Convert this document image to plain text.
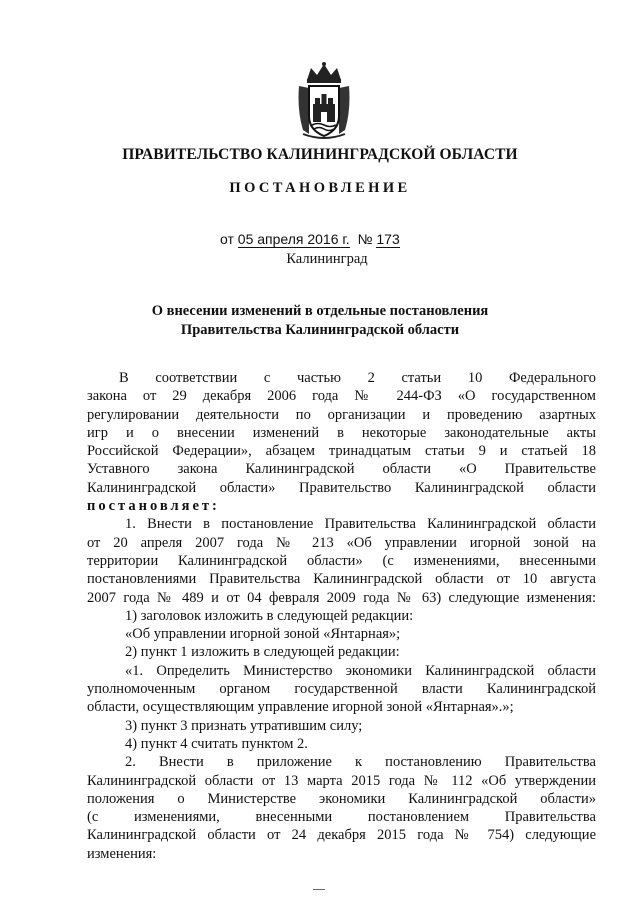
ПРАВИТЕЛЬСТВО КАЛИНИНГРАДСКОЙ ОБЛАСТИ
ПОСТАНОВЛЕНИЕ
от 05 апреля 2016 г. № 173
Калининград
О внесении изменений в отдельные постановления
Правительства Калининградской области

В соответствии с частью 2 статьи 10 Федерального

закона от 29 декабря 2006 года № 244-ФЗ «О государственном

регулировании деятельности по организации и проведению азартных

игр и о внесении изменений в некоторые законодательные акты

Российской Федерации», абзацем тринадцатым статьи 9 и статьей 18

Уставного закона Калининградской области «О Правительстве

Калининградской области» Правительство Калининградской области

постановляет:

1. Внести в постановление Правительства Калининградской области

от 20 апреля 2007 года № 213 «Об управлении игорной зоной на

территории Калининградской области» (с изменениями, внесенными

постановлениями Правительства Калининградской области от 10 августа

2007 года № 489 и от 04 февраля 2009 года № 63) следующие изменения:

1) заголовок изложить в следующей редакции:

«Об управлении игорной зоной «Янтарная»;

2) пункт 1 изложить в следующей редакции:

«1. Определить Министерство экономики Калининградской области

уполномоченным органом государственной власти Калининградской

области, осуществляющим управление игорной зоной «Янтарная».»;

3) пункт 3 признать утратившим силу;

4) пункт 4 считать пунктом 2.

2. Внести в приложение к постановлению Правительства

Калининградской области от 13 марта 2015 года № 112 «Об утверждении

положения о Министерстве экономики Калининградской области»

(с изменениями, внесенными постановлением Правительства

Калининградской области от 24 декабря 2015 года № 754) следующие

изменения:
